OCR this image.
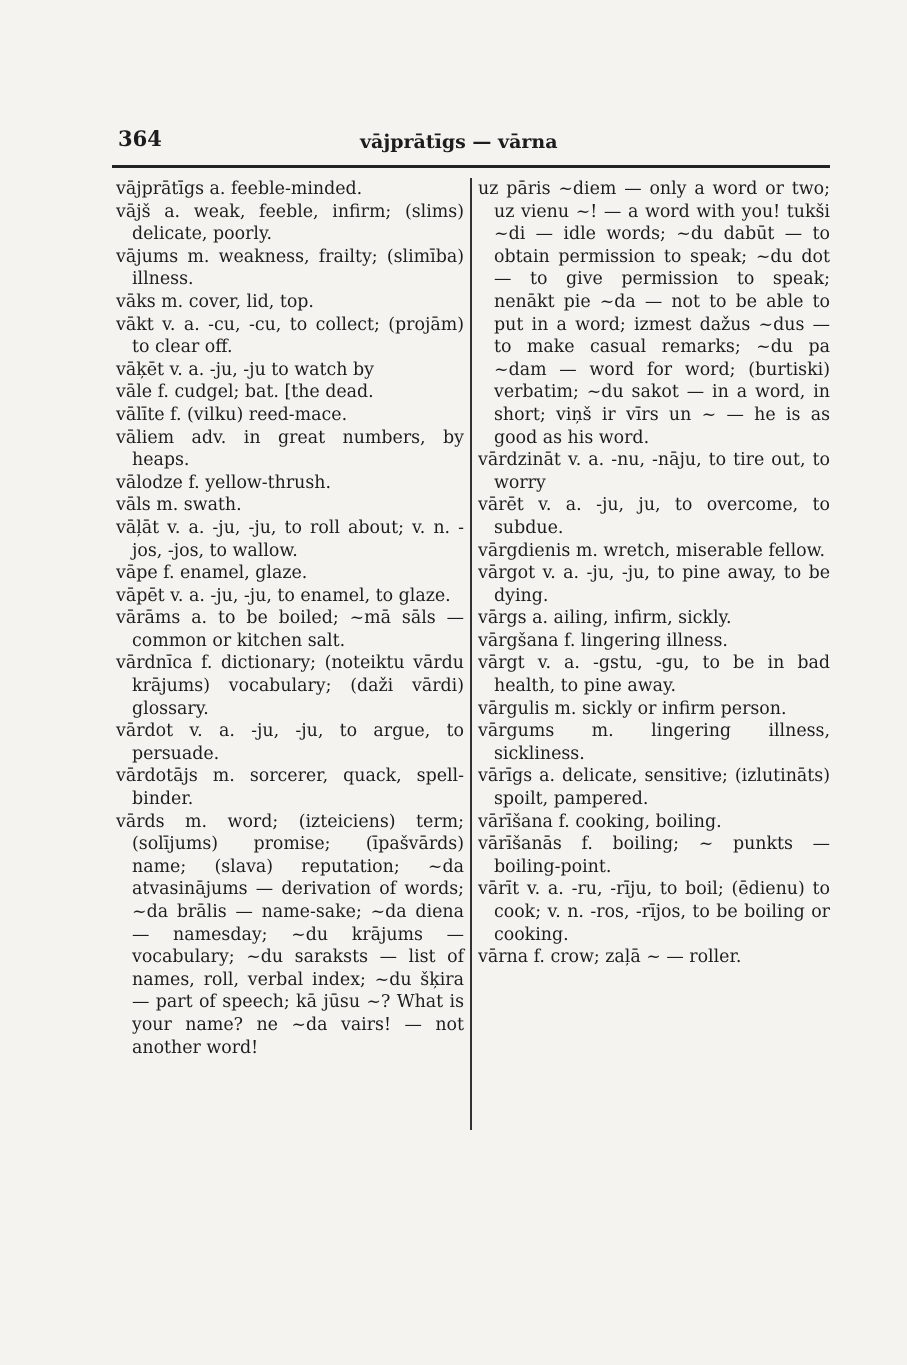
364	vājprātīgs — vārna

vājprātīgs a. feeble-minded.

vājš a. weak, feeble, infirm; (slims) delicate, poorly.

vājums m. weakness, frailty; (slimība) illness.

vāks m. cover, lid, top.

vākt v. a. -cu, -cu, to collect; (projām) to clear off.

vāķēt v. a. -ju, -ju to watch by

vāle f. cudgel; bat. [the dead.

vālīte f. (vilku) reed-mace.

vāliem adv. in great numbers, by heaps.

vālodze f. yellow-thrush.

vāls m. swath.

vāļāt v. a. -ju, -ju, to roll about; v. n. -jos, -jos, to wallow.

vāpe f. enamel, glaze.

vāpēt v. a. -ju, -ju, to enamel, to glaze.

vārāms a. to be boiled; ~mā sāls — common or kitchen salt.

vārdnīca f. dictionary; (noteiktu vārdu krājums) vocabulary; (daži vārdi) glossary.

vārdot v. a. -ju, -ju, to argue, to persuade.

vārdotājs m. sorcerer, quack, spell-binder.

vārds m. word; (izteiciens) term; (solījums) promise; (īpašvārds) name; (slava) reputation; ~da atvasinājums — derivation of words; ~da brālis — name-sake; ~da diena — namesday; ~du krājums — vocabulary; ~du saraksts — list of names, roll, verbal index; ~du šķira — part of speech; kā jūsu ~? What is your name? ne ~da vairs! — not another word!

uz pāris ~diem — only a word or two; uz vienu ~! — a word with you! tukši ~di — idle words; ~du dabūt — to obtain permission to speak; ~du dot — to give permission to speak; nenākt pie ~da — not to be able to put in a word; izmest dažus ~dus — to make casual remarks; ~du pa ~dam — word for word; (burtiski) verbatim; ~du sakot — in a word, in short; viņš ir vīrs un ~ — he is as good as his word.

vārdzināt v. a. -nu, -nāju, to tire out, to worry

vārēt v. a. -ju, ju, to overcome, to subdue.

vārgdienis m. wretch, miserable fellow.

vārgot v. a. -ju, -ju, to pine away, to be dying.

vārgs a. ailing, infirm, sickly.

vārgšana f. lingering illness.

vārgt v. a. -gstu, -gu, to be in bad health, to pine away.

vārgulis m. sickly or infirm person.

vārgums m. lingering illness, sickliness.

vārīgs a. delicate, sensitive; (izlutināts) spoilt, pampered.

vārīšana f. cooking, boiling.

vārīšanās f. boiling; ~ punkts — boiling-point.

vārīt v. a. -ru, -rīju, to boil; (ēdienu) to cook; v. n. -ros, -rījos, to be boiling or cooking.

vārna f. crow; zaļā ~ — roller.
